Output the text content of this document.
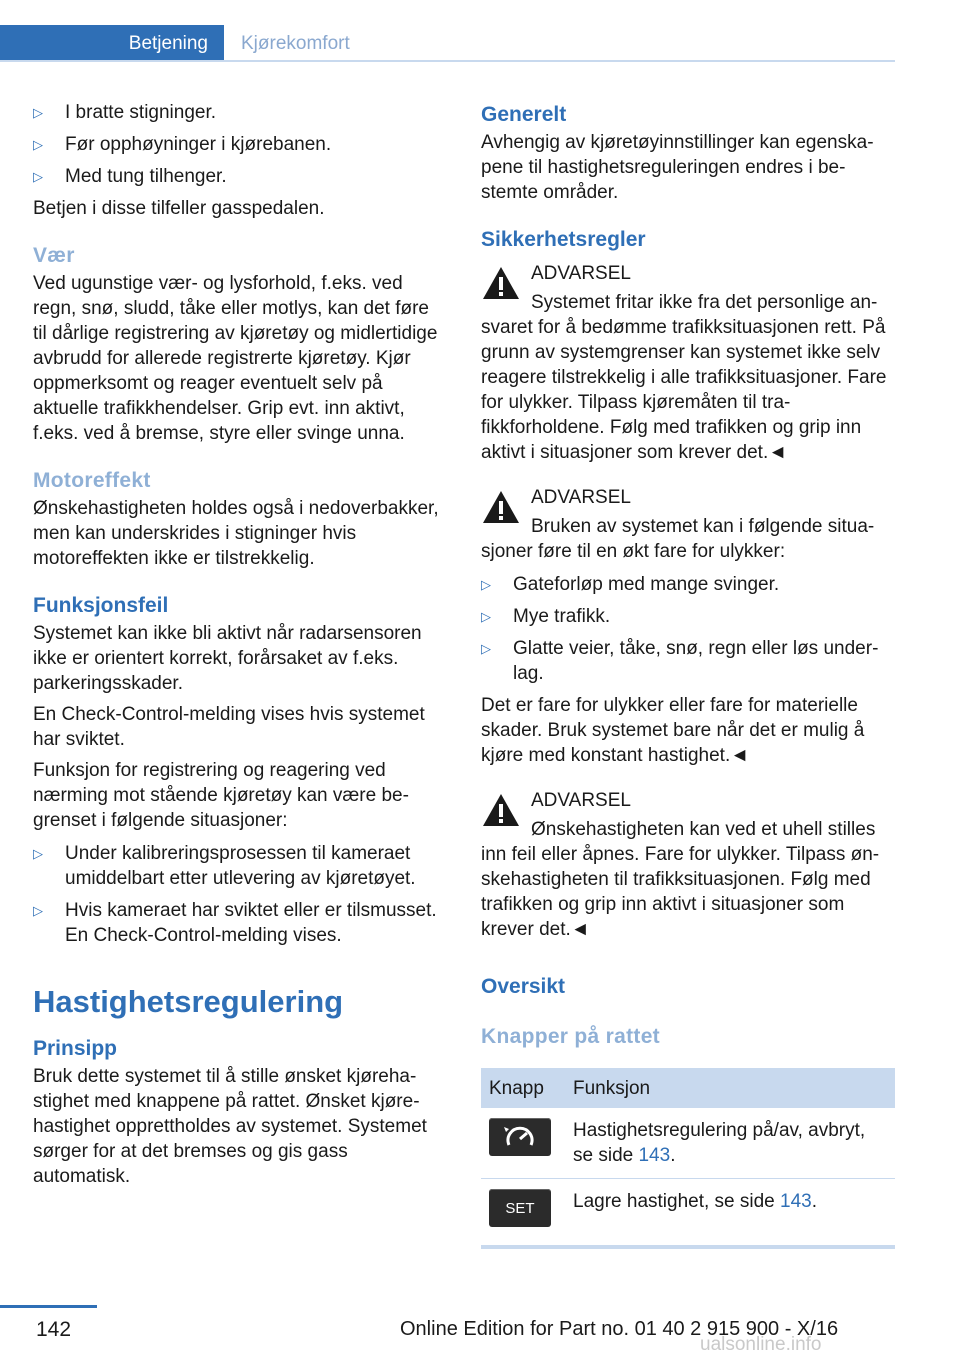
Betjening	Kjørekomfort
▷ I bratte stigninger.
▷ Før opphøyninger i kjørebanen.
▷ Med tung tilhenger.

Betjen i disse tilfeller gasspedalen.

Vær

Ved ugunstige vær- og lysforhold, f.eks. ved regn, snø, sludd, tåke eller motlys, kan det føre til dårlige registrering av kjøretøy og midlertidige avbrudd for allerede registrerte kjøretøy. Kjør oppmerksomt og reager eventuelt selv på aktuelle trafikkhendelser. Grip evt. inn aktivt, f.eks. ved å bremse, styre eller svinge unna.

Motoreffekt

Ønskehastigheten holdes også i nedoverbakker, men kan underskrides i stigninger hvis motoreffekten ikke er tilstrekkelig.

Funksjonsfeil

Systemet kan ikke bli aktivt når radarsensoren ikke er orientert korrekt, forårsaket av f.eks. parkeringsskader.

En Check-Control-melding vises hvis systemet har sviktet.

Funksjon for registrering og reagering ved nærming mot stående kjøretøy kan være begrenset i følgende situasjoner:

▷ Under kalibreringsprosessen til kameraet umiddelbart etter utlevering av kjøretøyet.
▷ Hvis kameraet har sviktet eller er tilsmusset. En Check-Control-melding vises.
Hastighetsregulering
Prinsipp

Bruk dette systemet til å stille ønsket kjørehastighet med knappene på rattet. Ønsket kjørehastighet opprettholdes av systemet. Systemet sørger for at det bremses og gis gass automatisk.

Generelt

Avhengig av kjøretøyinnstillinger kan egenskapene til hastighetsreguleringen endres i bestemte områder.

Sikkerhetsregler

ADVARSEL

Systemet fritar ikke fra det personlige ansvaret for å bedømme trafikksituasjonen rett. På grunn av systemgrenser kan systemet ikke selv reagere tilstrekkelig i alle trafikksituasjoner. Fare for ulykker. Tilpass kjøremåten til trafikkforholdene. Følg med trafikken og grip inn aktivt i situasjoner som krever det.◄

ADVARSEL

Bruken av systemet kan i følgende situasjoner føre til en økt fare for ulykker:

▷ Gateforløp med mange svinger.
▷ Mye trafikk.
▷ Glatte veier, tåke, snø, regn eller løs underlag.

Det er fare for ulykker eller fare for materielle skader. Bruk systemet bare når det er mulig å kjøre med konstant hastighet.◄

ADVARSEL

Ønskehastigheten kan ved et uhell stilles inn feil eller åpnes. Fare for ulykker. Tilpass ønskehastigheten til trafikksituasjonen. Følg med trafikken og grip inn aktivt i situasjoner som krever det.◄

Oversikt
Knapper på rattet
Knapp	Funksjon

	Hastighetsregulering på/av, avbryt, se side 143.

SET	Lagre hastighet, se side 143.
142	Online Edition for Part no. 01 40 2 915 900 - X/16
ualsonline.info
